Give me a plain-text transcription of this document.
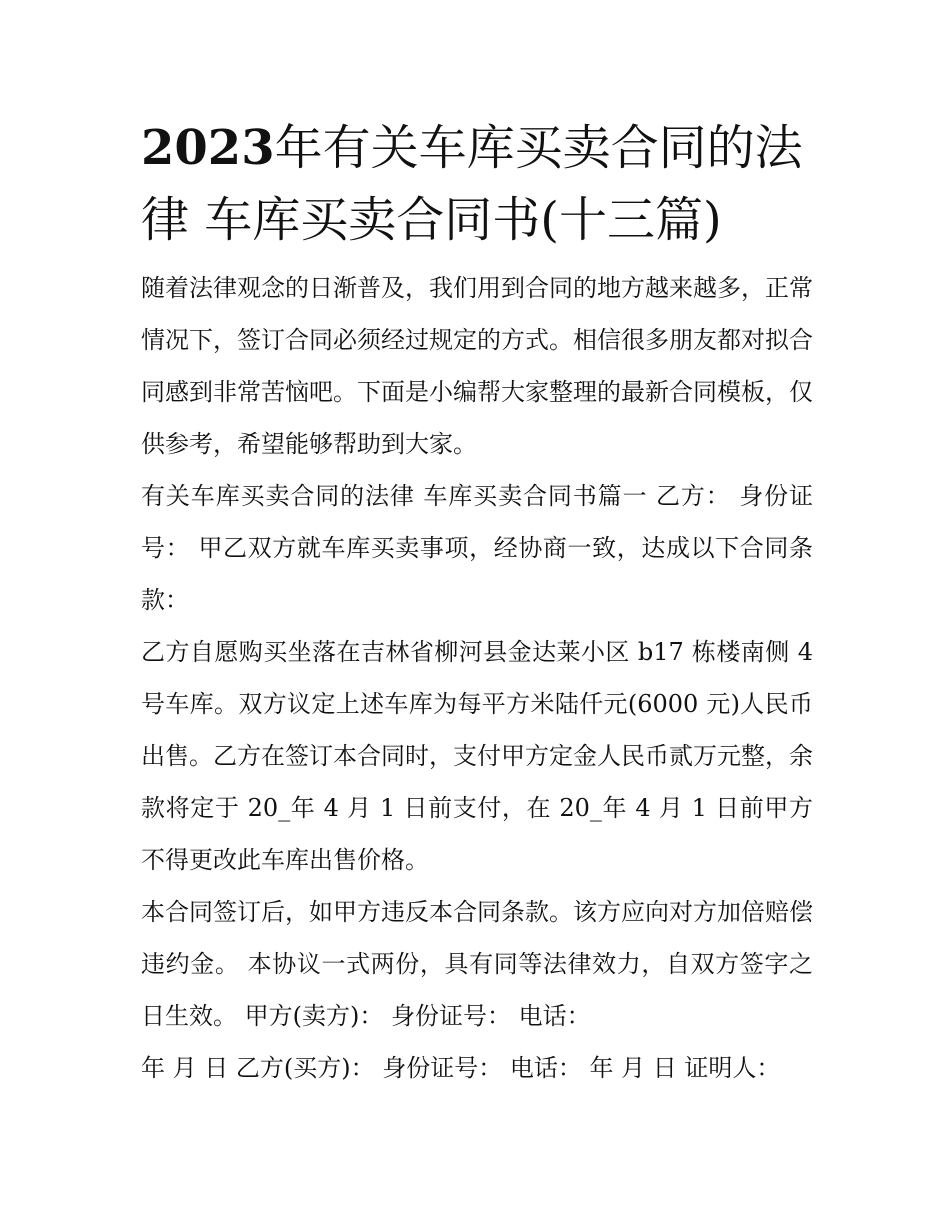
2023年有关车库买卖合同的法律 车库买卖合同书(十三篇)

随着法律观念的日渐普及，我们用到合同的地方越来越多，正常情况下，签订合同必须经过规定的方式。相信很多朋友都对拟合同感到非常苦恼吧。下面是小编帮大家整理的最新合同模板，仅供参考，希望能够帮助到大家。

有关车库买卖合同的法律 车库买卖合同书篇一 乙方： 身份证号： 甲乙双方就车库买卖事项，经协商一致，达成以下合同条款：

乙方自愿购买坐落在吉林省柳河县金达莱小区 b17 栋楼南侧 4 号车库。双方议定上述车库为每平方米陆仟元(6000 元)人民币出售。乙方在签订本合同时，支付甲方定金人民币贰万元整，余款将定于 20_年 4 月 1 日前支付，在 20_年 4 月 1 日前甲方不得更改此车库出售价格。

本合同签订后，如甲方违反本合同条款。该方应向对方加倍赔偿违约金。 本协议一式两份，具有同等法律效力，自双方签字之日生效。 甲方(卖方)： 身份证号： 电话：

年 月 日 乙方(买方)： 身份证号： 电话： 年 月 日 证明人：
